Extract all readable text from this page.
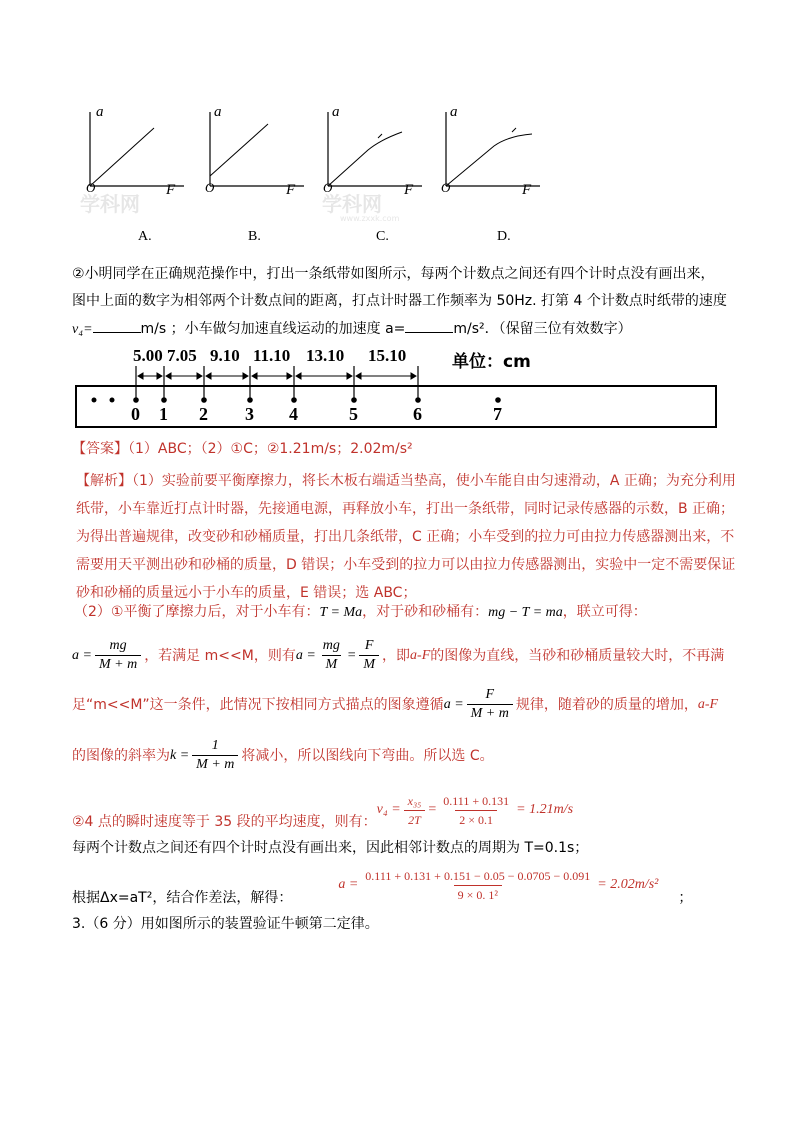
a
O	F
A.
a
O	F
B.
a
O	F
C.
a
O	F
D.
学科网	学科网
www.zxxk.com
②小明同学在正确规范操作中，打出一条纸带如图所示，每两个计数点之间还有四个计时点没有画出来，
图中上面的数字为相邻两个计数点间的距离，打点计时器工作频率为 50Hz. 打第 4 个计数点时纸带的速度
v₄=	m/s ；小车做匀加速直线运动的加速度 a=	m/s²．（保留三位有效数字）
5.00 7.05 9.10 11.10 13.10 15.10	单位：cm
0 1 2 3 4	5	6	7
【答案】（1）ABC；（2）①C；②1.21m/s；2.02m/s²
【解析】（1）实验前要平衡摩擦力，将长木板右端适当垫高，使小车能自由匀速滑动，A 正确；为充分利用
纸带，小车靠近打点计时器，先接通电源，再释放小车，打出一条纸带，同时记录传感器的示数，B 正确；
为得出普遍规律，改变砂和砂桶质量，打出几条纸带，C 正确；小车受到的拉力可由拉力传感器测出来，不
需要用天平测出砂和砂桶的质量，D 错误；小车受到的拉力可以由拉力传感器测出，实验中一定不需要保证
砂和砂桶的质量远小于小车的质量，E 错误；选 ABC；
（2）①平衡了摩擦力后，对于小车有：T = Ma，对于砂和砂桶有：mg − T = ma，联立可得：
$a = \frac{mg}{M + m}$ ，若满足 m<<M，则有 $a = \frac{mg}{M} = \frac{F}{M}$ ，即 a-F 的图像为直线，当砂和砂桶质量较大时，不再满
足“m<<M”这一条件，此情况下按相同方式描点的图象遵循 $a = \frac{F}{M + m}$ 规律，随着砂的质量的增加， a-F
的图像的斜率为 $k = \frac{1}{M + m}$ 将减小，所以图线向下弯曲。所以选 C。
②4 点的瞬时速度等于 35 段的平均速度，则有：
$v_4 = \frac{\text{x₃₅}}{2T} = \frac{0.111 + 0.131}{2 \times 0.1} = 1.21m/s$
每两个计数点之间还有四个计时点没有画出来，因此相邻计数点的周期为 T=0.1s；
根据Δx=aT²，结合作差法，解得：
$a = \frac{0.111 + 0.131 + 0.151 - 0.05 - 0.0705 - 0.091}{\text{9 × 0. 1²}} = 2.02m/s^2$
；
3.（6 分）用如图所示的装置验证牛顿第二定律。
